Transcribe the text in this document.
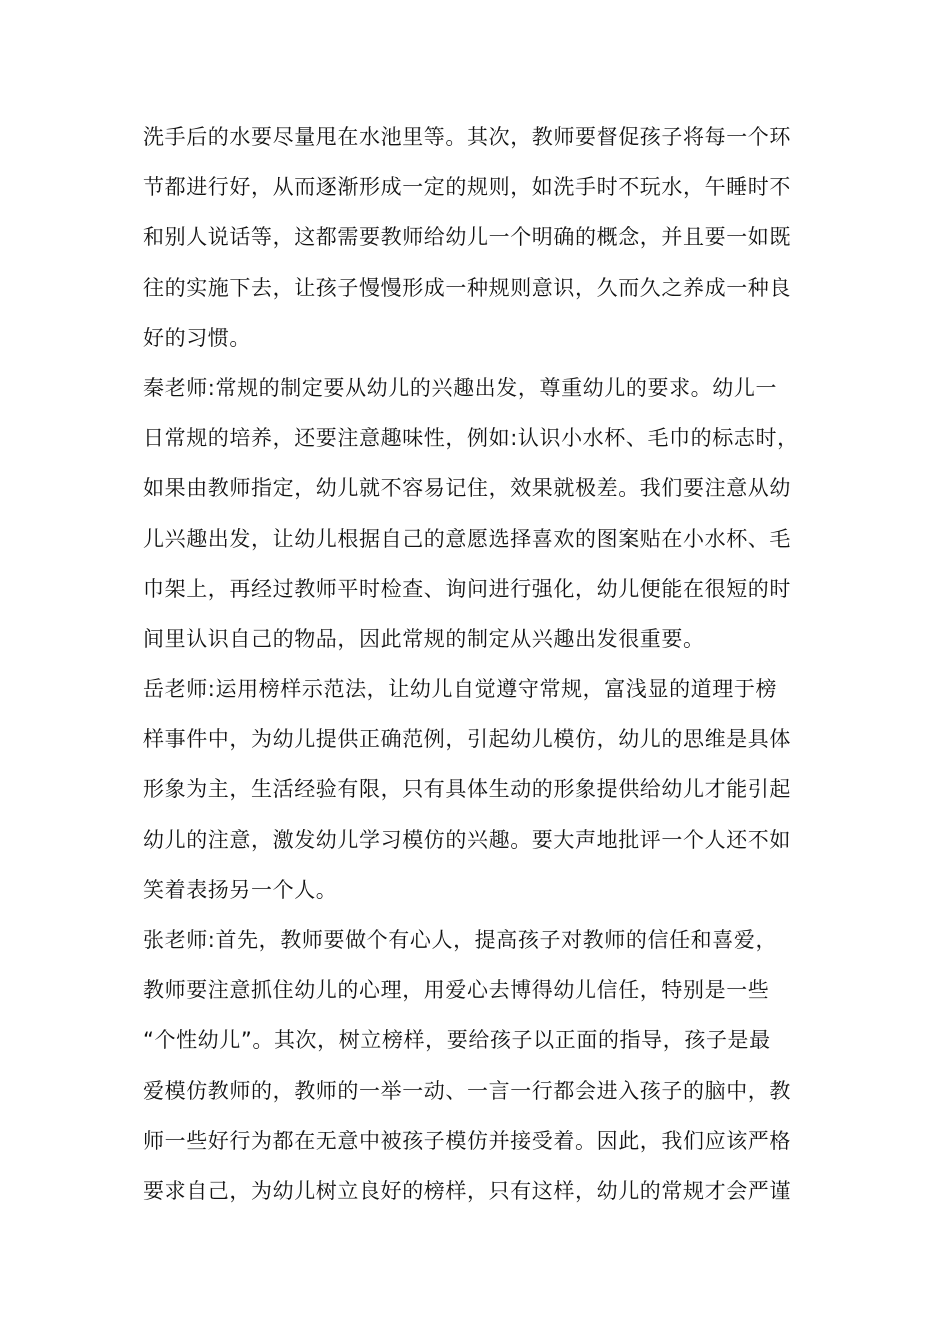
洗手后的水要尽量甩在水池里等。其次，教师要督促孩子将每一个环
节都进行好，从而逐渐形成一定的规则，如洗手时不玩水，午睡时不
和别人说话等，这都需要教师给幼儿一个明确的概念，并且要一如既
往的实施下去，让孩子慢慢形成一种规则意识，久而久之养成一种良
好的习惯。
秦老师:常规的制定要从幼儿的兴趣出发，尊重幼儿的要求。幼儿一
日常规的培养，还要注意趣味性，例如:认识小水杯、毛巾的标志时，
如果由教师指定，幼儿就不容易记住，效果就极差。我们要注意从幼
儿兴趣出发，让幼儿根据自己的意愿选择喜欢的图案贴在小水杯、毛
巾架上，再经过教师平时检查、询问进行强化，幼儿便能在很短的时
间里认识自己的物品，因此常规的制定从兴趣出发很重要。
岳老师:运用榜样示范法，让幼儿自觉遵守常规，富浅显的道理于榜
样事件中，为幼儿提供正确范例，引起幼儿模仿，幼儿的思维是具体
形象为主，生活经验有限，只有具体生动的形象提供给幼儿才能引起
幼儿的注意，激发幼儿学习模仿的兴趣。要大声地批评一个人还不如
笑着表扬另一个人。
张老师:首先，教师要做个有心人，提高孩子对教师的信任和喜爱，
教师要注意抓住幼儿的心理，用爱心去博得幼儿信任，特别是一些
“个性幼儿”。其次，树立榜样，要给孩子以正面的指导，孩子是最
爱模仿教师的，教师的一举一动、一言一行都会进入孩子的脑中，教
师一些好行为都在无意中被孩子模仿并接受着。因此，我们应该严格
要求自己，为幼儿树立良好的榜样，只有这样，幼儿的常规才会严谨
